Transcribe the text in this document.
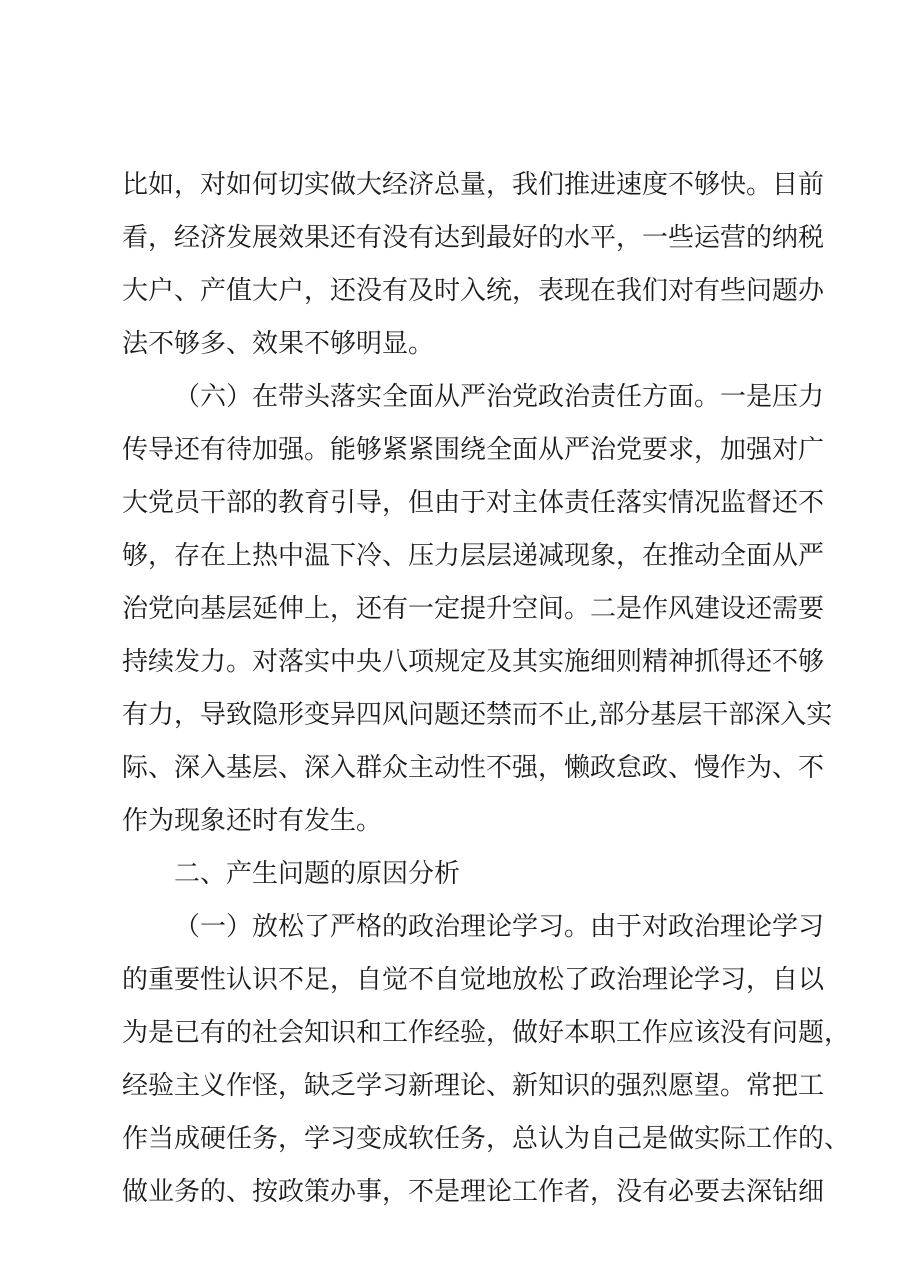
比如，对如何切实做大经济总量，我们推进速度不够快。目前
看，经济发展效果还有没有达到最好的水平，一些运营的纳税
大户、产值大户，还没有及时入统，表现在我们对有些问题办
法不够多、效果不够明显。
（六）在带头落实全面从严治党政治责任方面。一是压力
传导还有待加强。能够紧紧围绕全面从严治党要求，加强对广
大党员干部的教育引导，但由于对主体责任落实情况监督还不
够，存在上热中温下冷、压力层层递减现象，在推动全面从严
治党向基层延伸上，还有一定提升空间。二是作风建设还需要
持续发力。对落实中央八项规定及其实施细则精神抓得还不够
有力，导致隐形变异四风问题还禁而不止,部分基层干部深入实
际、深入基层、深入群众主动性不强，懒政怠政、慢作为、不
作为现象还时有发生。
二、产生问题的原因分析
（一）放松了严格的政治理论学习。由于对政治理论学习
的重要性认识不足，自觉不自觉地放松了政治理论学习，自以
为是已有的社会知识和工作经验，做好本职工作应该没有问题，
经验主义作怪，缺乏学习新理论、新知识的强烈愿望。常把工
作当成硬任务，学习变成软任务，总认为自己是做实际工作的、
做业务的、按政策办事，不是理论工作者，没有必要去深钻细
